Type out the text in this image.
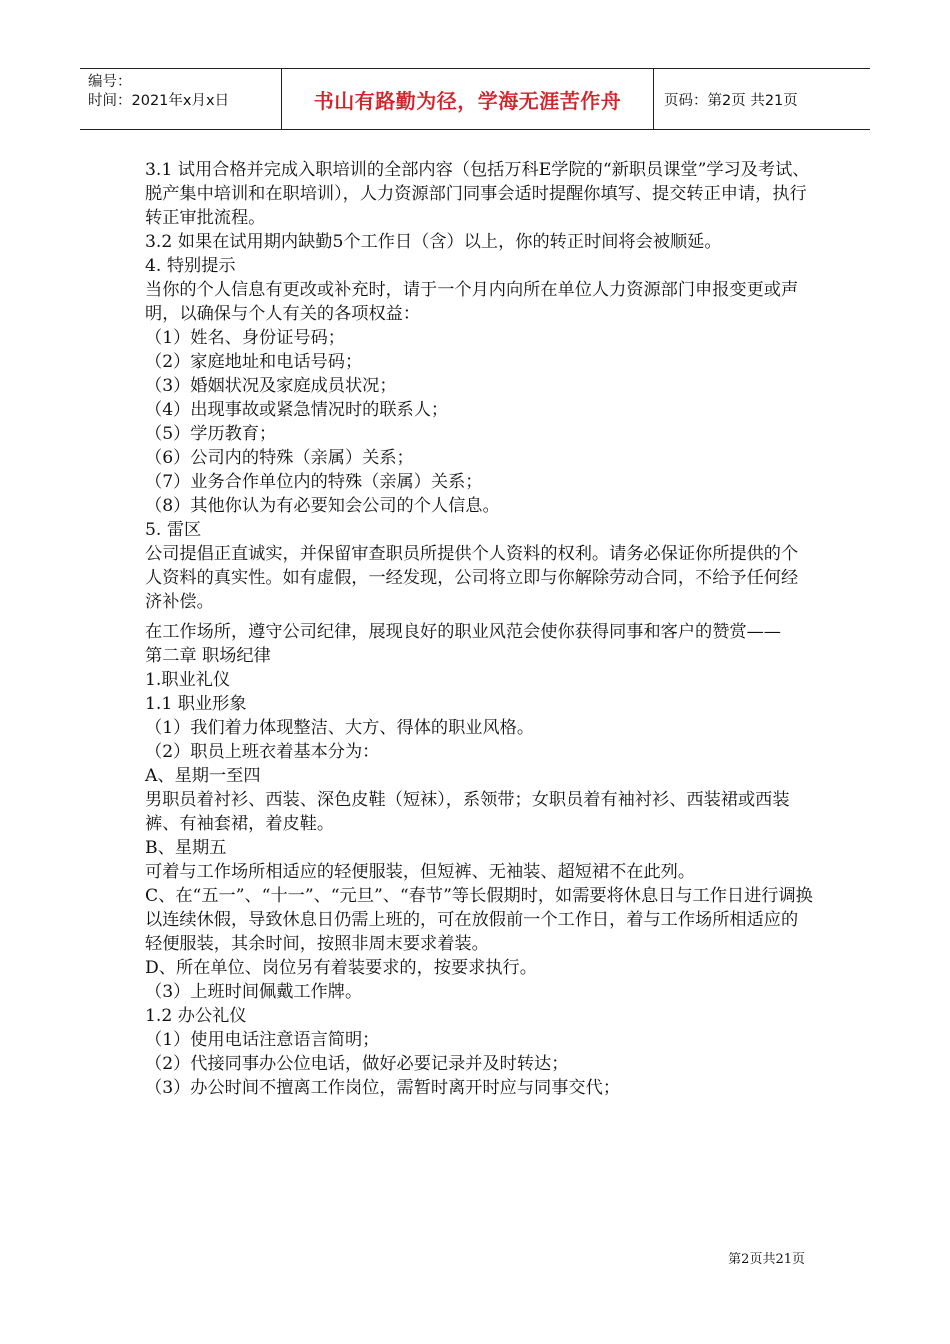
编号：
时间：2021年x月x日	书山有路勤为径，学海无涯苦作舟	页码：第2页 共21页

3.1 试用合格并完成入职培训的全部内容（包括万科E学院的“新职员课堂”学习及考试、脱产集中培训和在职培训），人力资源部门同事会适时提醒你填写、提交转正申请，执行转正审批流程。

3.2 如果在试用期内缺勤5个工作日（含）以上，你的转正时间将会被顺延。

4. 特别提示

当你的个人信息有更改或补充时，请于一个月内向所在单位人力资源部门申报变更或声明，以确保与个人有关的各项权益：

（1）姓名、身份证号码；

（2）家庭地址和电话号码；

（3）婚姻状况及家庭成员状况；

（4）出现事故或紧急情况时的联系人；

（5）学历教育；

（6）公司内的特殊（亲属）关系；

（7）业务合作单位内的特殊（亲属）关系；

（8）其他你认为有必要知会公司的个人信息。

5. 雷区

公司提倡正直诚实，并保留审查职员所提供个人资料的权利。请务必保证你所提供的个人资料的真实性。如有虚假，一经发现，公司将立即与你解除劳动合同，不给予任何经济补偿。

在工作场所，遵守公司纪律，展现良好的职业风范会使你获得同事和客户的赞赏——

第二章 职场纪律

1.职业礼仪

1.1 职业形象

（1）我们着力体现整洁、大方、得体的职业风格。

（2）职员上班衣着基本分为：

A、星期一至四

男职员着衬衫、西装、深色皮鞋（短袜），系领带；女职员着有袖衬衫、西装裙或西装裤、有袖套裙，着皮鞋。

B、星期五

可着与工作场所相适应的轻便服装，但短裤、无袖装、超短裙不在此列。

C、在“五一”、“十一”、“元旦”、“春节”等长假期时，如需要将休息日与工作日进行调换以连续休假，导致休息日仍需上班的，可在放假前一个工作日，着与工作场所相适应的轻便服装，其余时间，按照非周末要求着装。

D、所在单位、岗位另有着装要求的，按要求执行。

（3）上班时间佩戴工作牌。

1.2 办公礼仪

（1）使用电话注意语言简明；

（2）代接同事办公位电话，做好必要记录并及时转达；

（3）办公时间不擅离工作岗位，需暂时离开时应与同事交代；

第2页共21页
